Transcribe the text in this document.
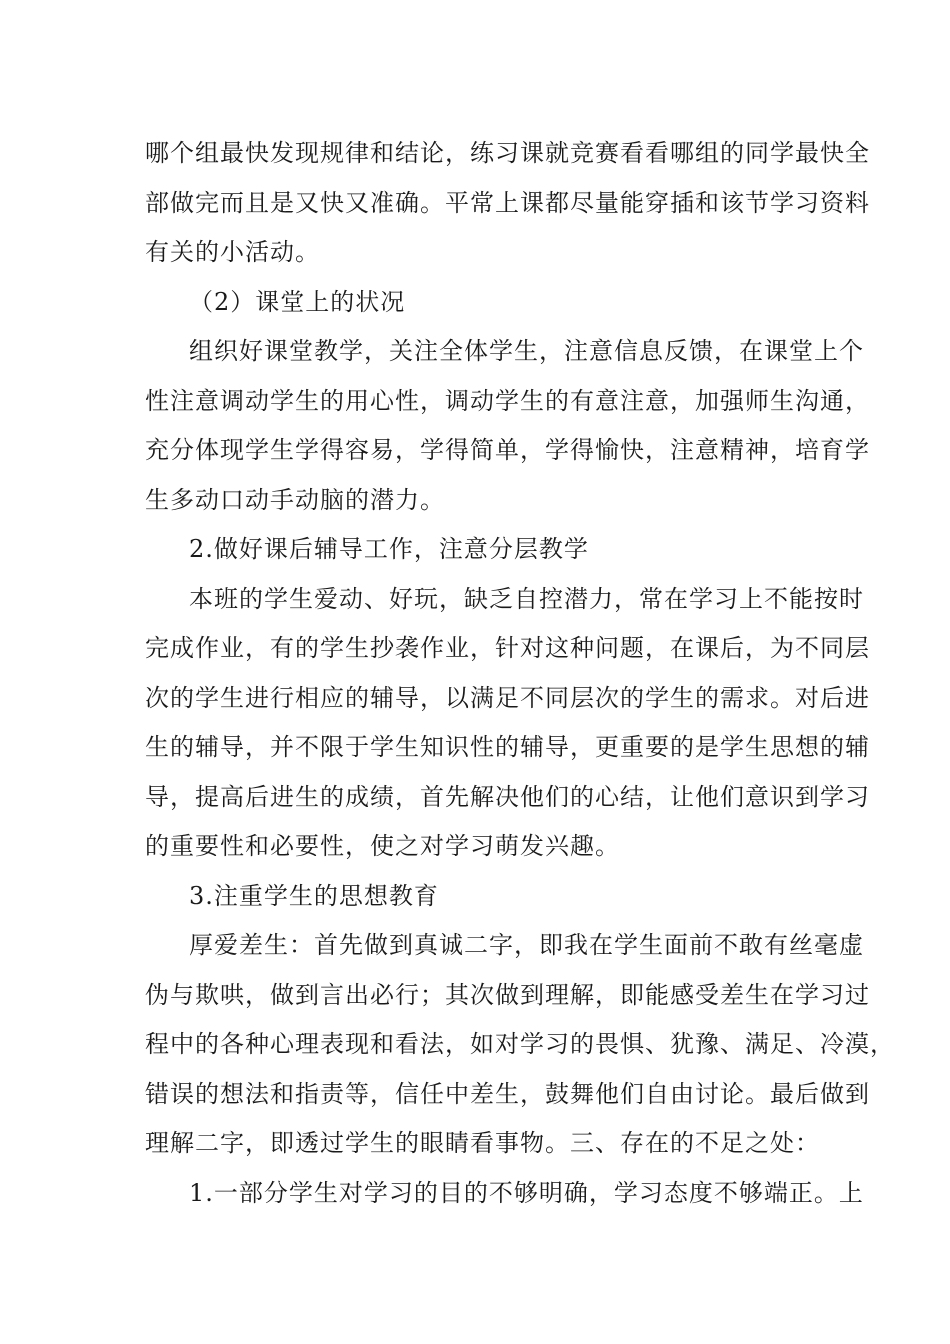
哪个组最快发现规律和结论，练习课就竞赛看看哪组的同学最快全
部做完而且是又快又准确。平常上课都尽量能穿插和该节学习资料
有关的小活动。
（2）课堂上的状况
组织好课堂教学，关注全体学生，注意信息反馈，在课堂上个
性注意调动学生的用心性，调动学生的有意注意，加强师生沟通，
充分体现学生学得容易，学得简单，学得愉快，注意精神，培育学
生多动口动手动脑的潜力。
2.做好课后辅导工作，注意分层教学
本班的学生爱动、好玩，缺乏自控潜力，常在学习上不能按时
完成作业，有的学生抄袭作业，针对这种问题，在课后，为不同层
次的学生进行相应的辅导，以满足不同层次的学生的需求。对后进
生的辅导，并不限于学生知识性的辅导，更重要的是学生思想的辅
导，提高后进生的成绩，首先解决他们的心结，让他们意识到学习
的重要性和必要性，使之对学习萌发兴趣。
3.注重学生的思想教育
厚爱差生：首先做到真诚二字，即我在学生面前不敢有丝毫虚
伪与欺哄，做到言出必行；其次做到理解，即能感受差生在学习过
程中的各种心理表现和看法，如对学习的畏惧、犹豫、满足、冷漠，
错误的想法和指责等，信任中差生，鼓舞他们自由讨论。最后做到
理解二字，即透过学生的眼睛看事物。三、存在的不足之处：
1.一部分学生对学习的目的不够明确，学习态度不够端正。上
